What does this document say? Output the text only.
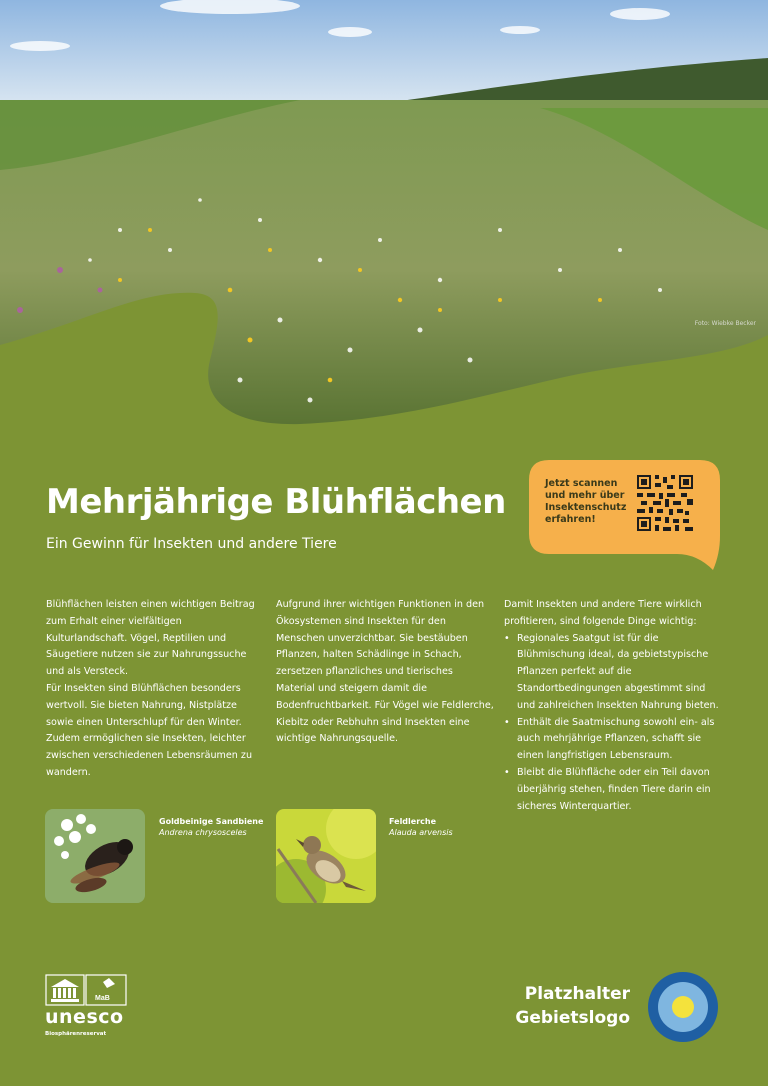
Foto: Wiebke Becker
Mehrjährige Blühflächen

Ein Gewinn für Insekten und andere Tiere

Jetzt scannen
und mehr über
Insektenschutz
erfahren!

Blühflächen leisten einen wichtigen Beitrag zum Erhalt einer vielfältigen Kulturlandschaft. Vögel, Reptilien und Säugetiere nutzen sie zur Nahrungssuche und als Versteck.

Für Insekten sind Blühflächen besonders wertvoll. Sie bieten Nahrung, Nistplätze sowie einen Unterschlupf für den Winter. Zudem ermöglichen sie Insekten, leichter zwischen verschiedenen Lebensräumen zu wandern.

Aufgrund ihrer wichtigen Funktionen in den Ökosystemen sind Insekten für den Menschen unverzichtbar. Sie bestäuben Pflanzen, halten Schädlinge in Schach, zersetzen pflanzliches und tierisches Material und steigern damit die Bodenfruchtbarkeit. Für Vögel wie Feldlerche, Kiebitz oder Rebhuhn sind Insekten eine wichtige Nahrungsquelle.

Damit Insekten und andere Tiere wirklich profitieren, sind folgende Dinge wichtig:

• Regionales Saatgut ist für die Blühmischung ideal, da gebietstypische Pflanzen perfekt auf die Standortbedingungen abgestimmt sind und zahlreichen Insekten Nahrung bieten.
• Enthält die Saatmischung sowohl ein- als auch mehrjährige Pflanzen, schafft sie einen langfristigen Lebensraum.
• Bleibt die Blühfläche oder ein Teil davon überjährig stehen, finden Tiere darin ein sicheres Winterquartier.
Goldbeinige Sandbiene
Andrena chrysosceles
Feldlerche
Alauda arvensis
MaB
unesco
Biosphärenreservat
Platzhalter
Gebietslogo
